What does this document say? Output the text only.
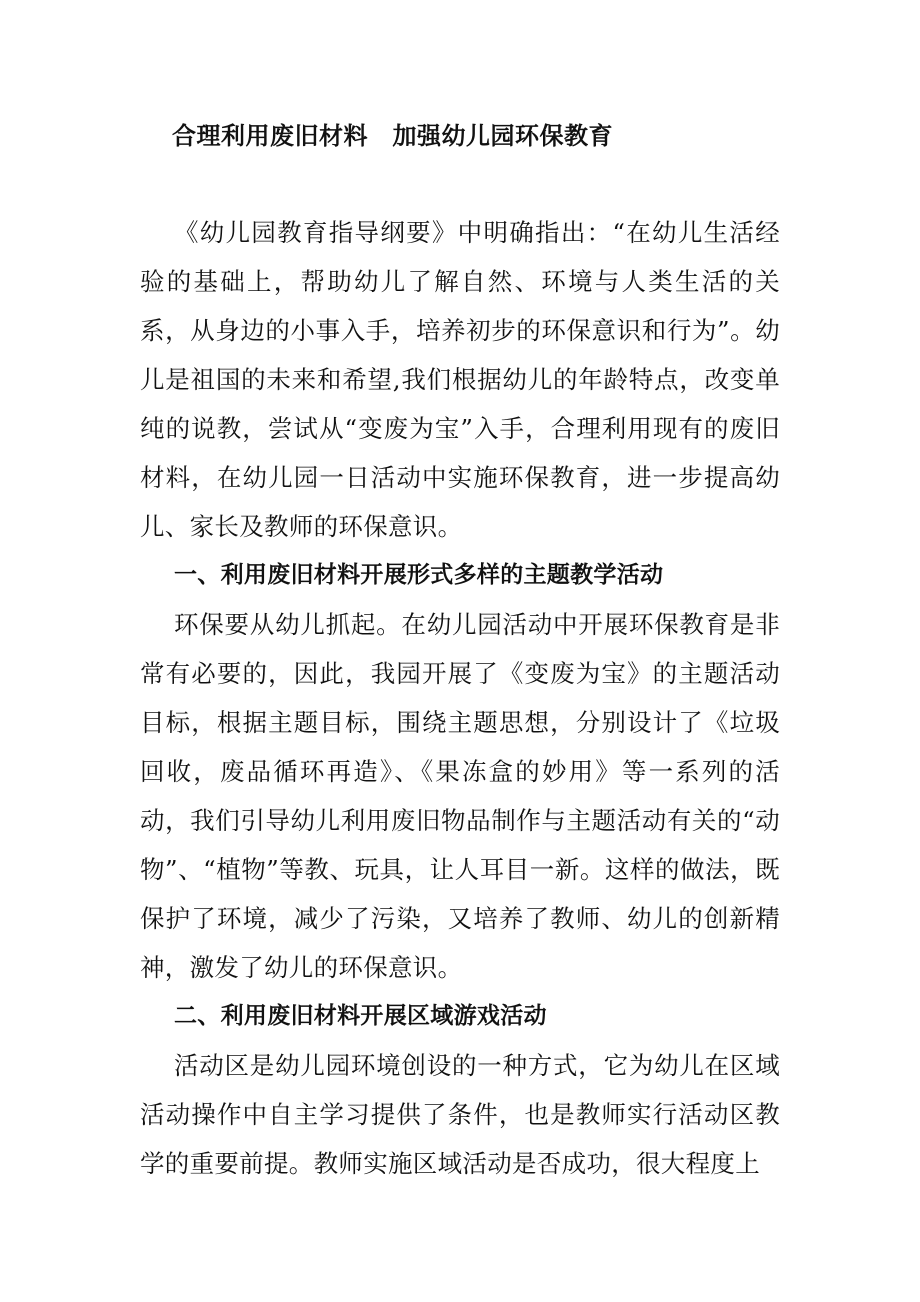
合理利用废旧材料　加强幼儿园环保教育

《幼儿园教育指导纲要》中明确指出：“在幼儿生活经验的基础上，帮助幼儿了解自然、环境与人类生活的关系，从身边的小事入手，培养初步的环保意识和行为”。幼儿是祖国的未来和希望,我们根据幼儿的年龄特点，改变单纯的说教，尝试从“变废为宝”入手，合理利用现有的废旧材料，在幼儿园一日活动中实施环保教育，进一步提高幼儿、家长及教师的环保意识。

一、利用废旧材料开展形式多样的主题教学活动

环保要从幼儿抓起。在幼儿园活动中开展环保教育是非常有必要的，因此，我园开展了《变废为宝》的主题活动目标，根据主题目标，围绕主题思想，分别设计了《垃圾回收，废品循环再造》、《果冻盒的妙用》等一系列的活动，我们引导幼儿利用废旧物品制作与主题活动有关的“动物”、“植物”等教、玩具，让人耳目一新。这样的做法，既保护了环境，减少了污染，又培养了教师、幼儿的创新精神，激发了幼儿的环保意识。

二、利用废旧材料开展区域游戏活动

活动区是幼儿园环境创设的一种方式，它为幼儿在区域活动操作中自主学习提供了条件，也是教师实行活动区教学的重要前提。教师实施区域活动是否成功，很大程度上
